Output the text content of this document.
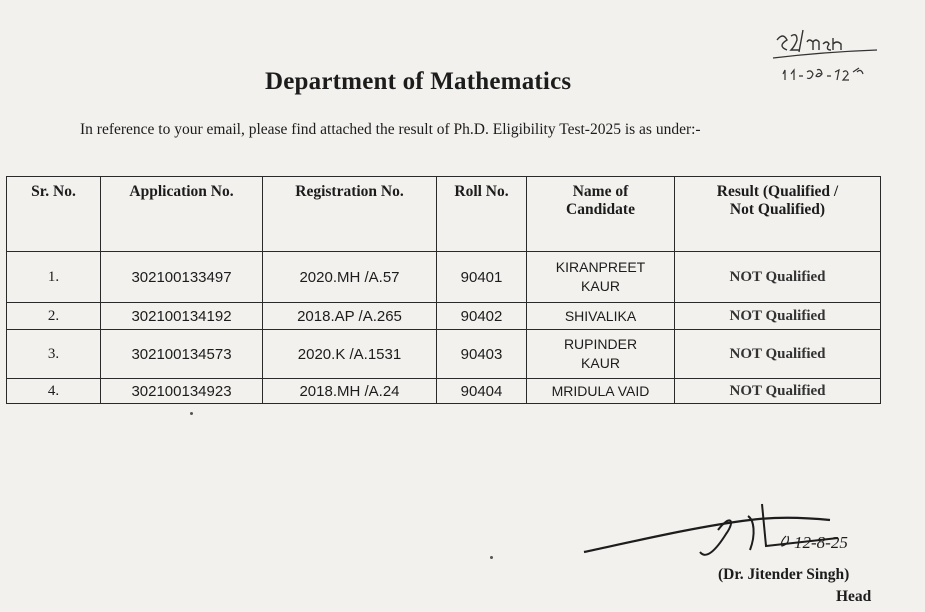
Department of Mathematics
In reference to your email, please find attached the result of Ph.D. Eligibility Test-2025 is as under:-
Sr. No.	Application No.	Registration No.	Roll No.	Name of Candidate	Result (Qualified / Not Qualified)
1.	302100133497	2020.MH /A.57	90401	KIRANPREET KAUR	NOT Qualified
2.	302100134192	2018.AP /A.265	90402	SHIVALIKA	NOT Qualified
3.	302100134573	2020.K /A.1531	90403	RUPINDER KAUR	NOT Qualified
4.	302100134923	2018.MH /A.24	90404	MRIDULA VAID	NOT Qualified
12-8-25
(Dr. Jitender Singh)
Head
